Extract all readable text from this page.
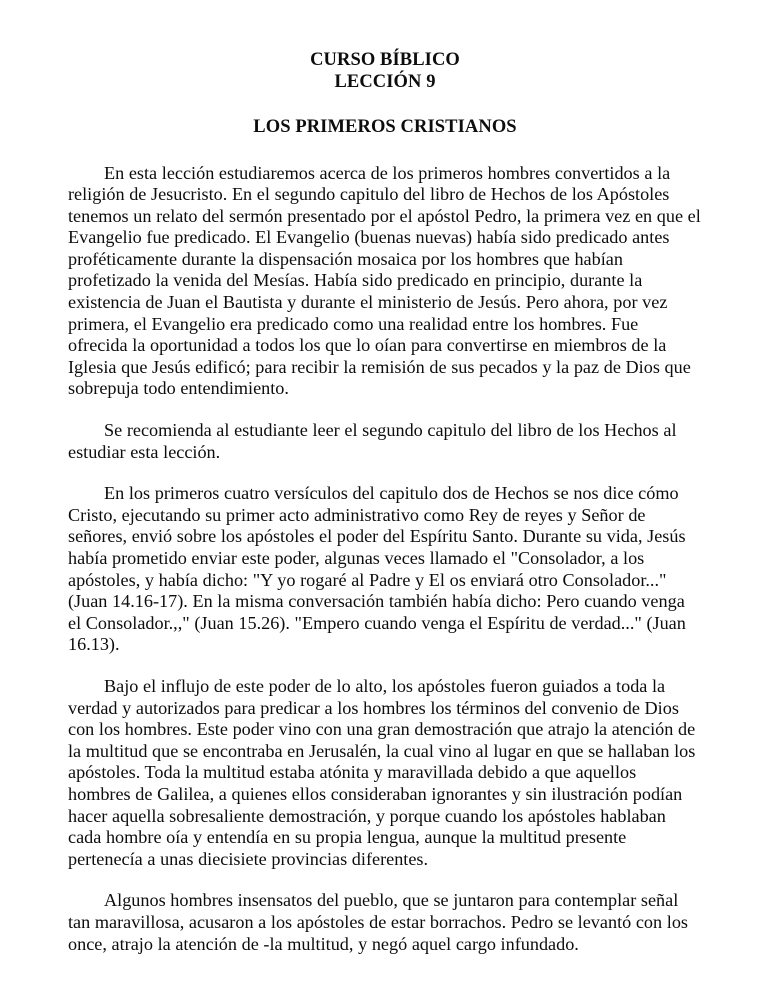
CURSO BÍBLICO
LECCIÓN 9
LOS PRIMEROS CRISTIANOS

En esta lección estudiaremos acerca de los primeros hombres convertidos a la religión de Jesucristo. En el segundo capitulo del libro de Hechos de los Apóstoles tenemos un relato del sermón presentado por el apóstol Pedro, la primera vez en que el Evangelio fue predicado. El Evangelio (buenas nuevas) había sido predicado antes proféticamente durante la dispensación mosaica por los hombres que habían profetizado la venida del Mesías. Había sido predicado en principio, durante la existencia de Juan el Bautista y durante el ministerio de Jesús. Pero ahora, por vez primera, el Evangelio era predicado como una realidad entre los hombres. Fue ofrecida la oportunidad a todos los que lo oían para convertirse en miembros de la Iglesia que Jesús edificó; para recibir la remisión de sus pecados y la paz de Dios que sobrepuja todo entendimiento.

Se recomienda al estudiante leer el segundo capitulo del libro de los Hechos al estudiar esta lección.

En los primeros cuatro versículos del capitulo dos de Hechos se nos dice cómo Cristo, ejecutando su primer acto administrativo como Rey de reyes y Señor de señores, envió sobre los apóstoles el poder del Espíritu Santo. Durante su vida, Jesús había prometido enviar este poder, algunas veces llamado el "Consolador, a los apóstoles, y había dicho: "Y yo rogaré al Padre y El os enviará otro Consolador..." (Juan 14.16-17). En la misma conversación también había dicho: Pero cuando venga el Consolador.,," (Juan 15.26). "Empero cuando venga el Espíritu de verdad..." (Juan 16.13).

Bajo el influjo de este poder de lo alto, los apóstoles fueron guiados a toda la verdad y autorizados para predicar a los hombres los términos del convenio de Dios con los hombres. Este poder vino con una gran demostración que atrajo la atención de la multitud que se encontraba en Jerusalén, la cual vino al lugar en que se hallaban los apóstoles. Toda la multitud estaba atónita y maravillada debido a que aquellos hombres de Galilea, a quienes ellos consideraban ignorantes y sin ilustración podían hacer aquella sobresaliente demostración, y porque cuando los apóstoles hablaban cada hombre oía y entendía en su propia lengua, aunque la multitud presente pertenecía a unas diecisiete provincias diferentes.

Algunos hombres insensatos del pueblo, que se juntaron para contemplar señal tan maravillosa, acusaron a los apóstoles de estar borrachos. Pedro se levantó con los once, atrajo la atención de -la multitud, y negó aquel cargo infundado.
